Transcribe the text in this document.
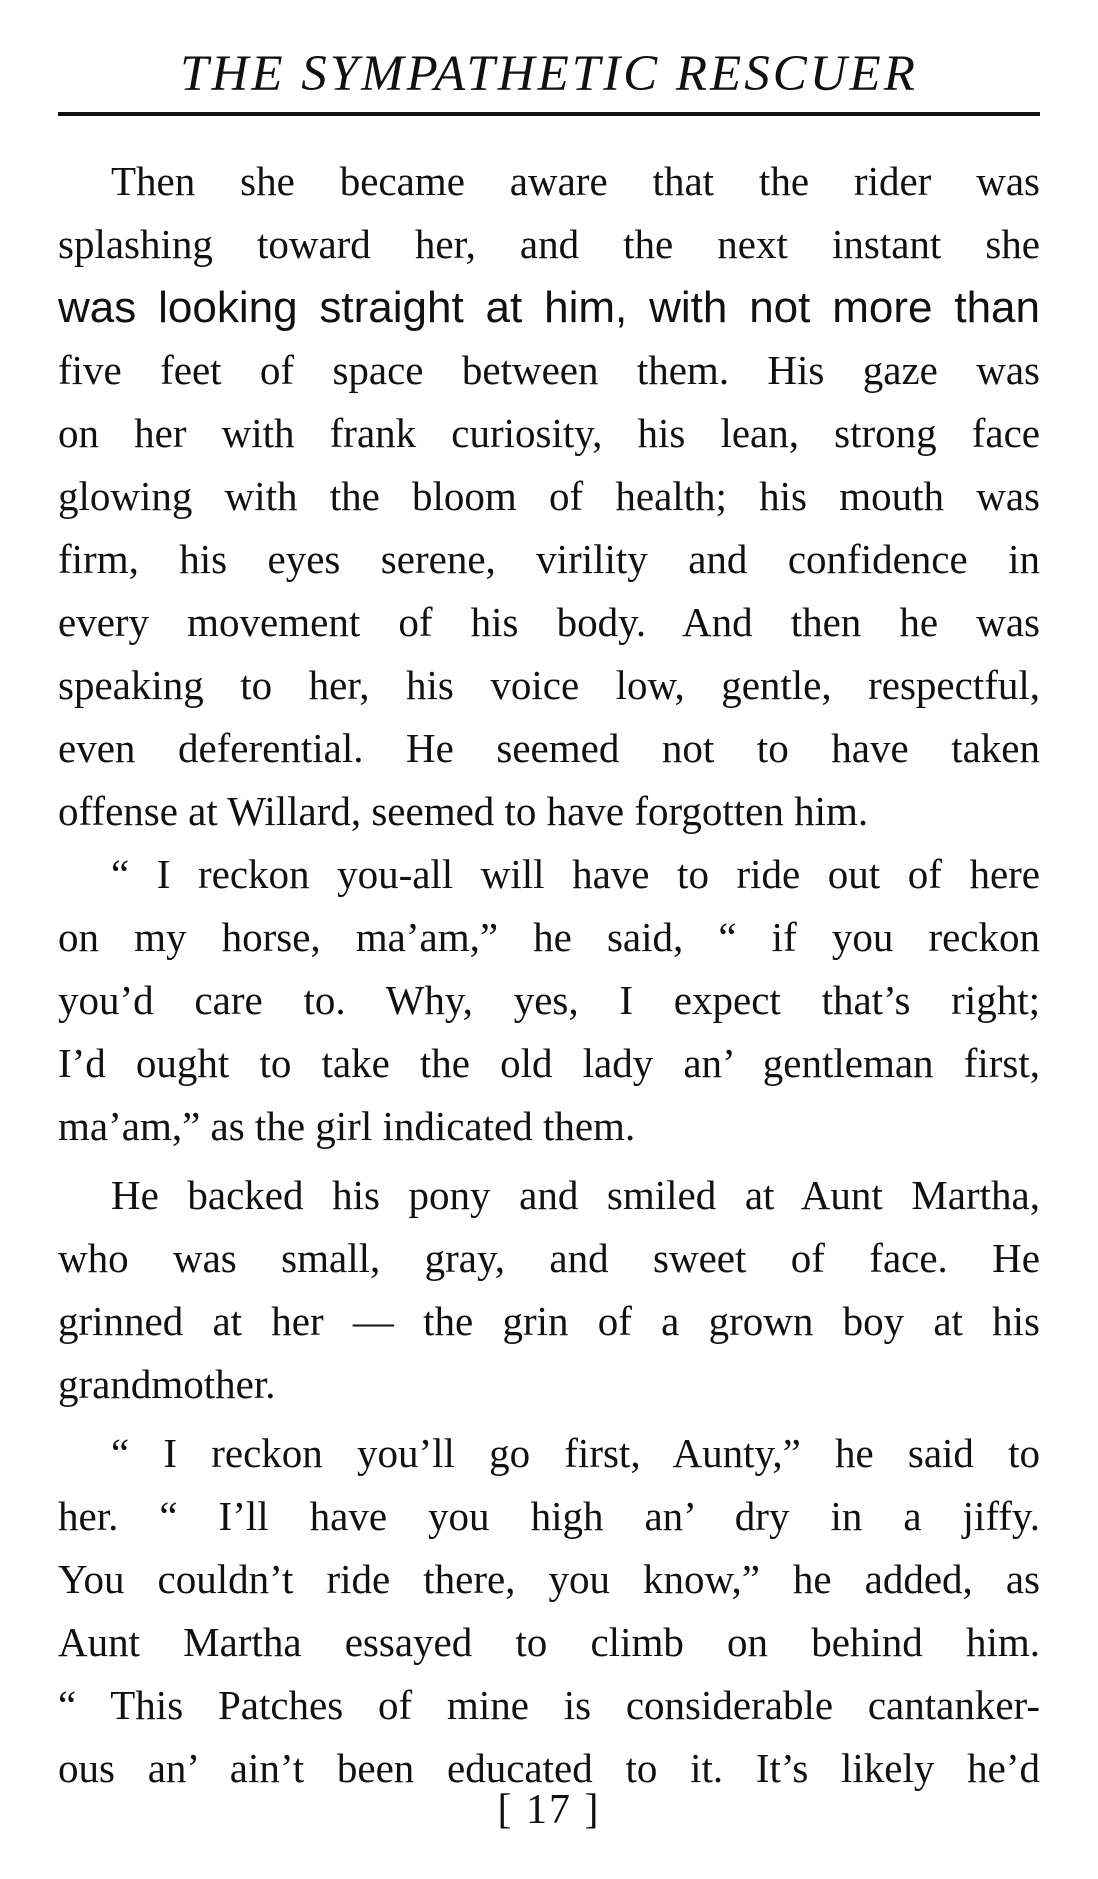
THE SYMPATHETIC RESCUER
Then she became aware that the rider was
splashing toward her, and the next instant she
was looking straight at him, with not more than
five feet of space between them. His gaze was
on her with frank curiosity, his lean, strong face
glowing with the bloom of health; his mouth was
firm, his eyes serene, virility and confidence in
every movement of his body. And then he was
speaking to her, his voice low, gentle, respectful,
even deferential. He seemed not to have taken
offense at Willard, seemed to have forgotten him.
“ I reckon you-all will have to ride out of here
on my horse, ma’am,” he said, “ if you reckon
you’d care to. Why, yes, I expect that’s right;
I’d ought to take the old lady an’ gentleman first,
ma’am,” as the girl indicated them.
He backed his pony and smiled at Aunt Martha,
who was small, gray, and sweet of face. He
grinned at her — the grin of a grown boy at his
grandmother.
“ I reckon you’ll go first, Aunty,” he said to
her. “ I’ll have you high an’ dry in a jiffy.
You couldn’t ride there, you know,” he added, as
Aunt Martha essayed to climb on behind him.
“ This Patches of mine is considerable cantanker-
ous an’ ain’t been educated to it. It’s likely he’d
[ 17 ]
